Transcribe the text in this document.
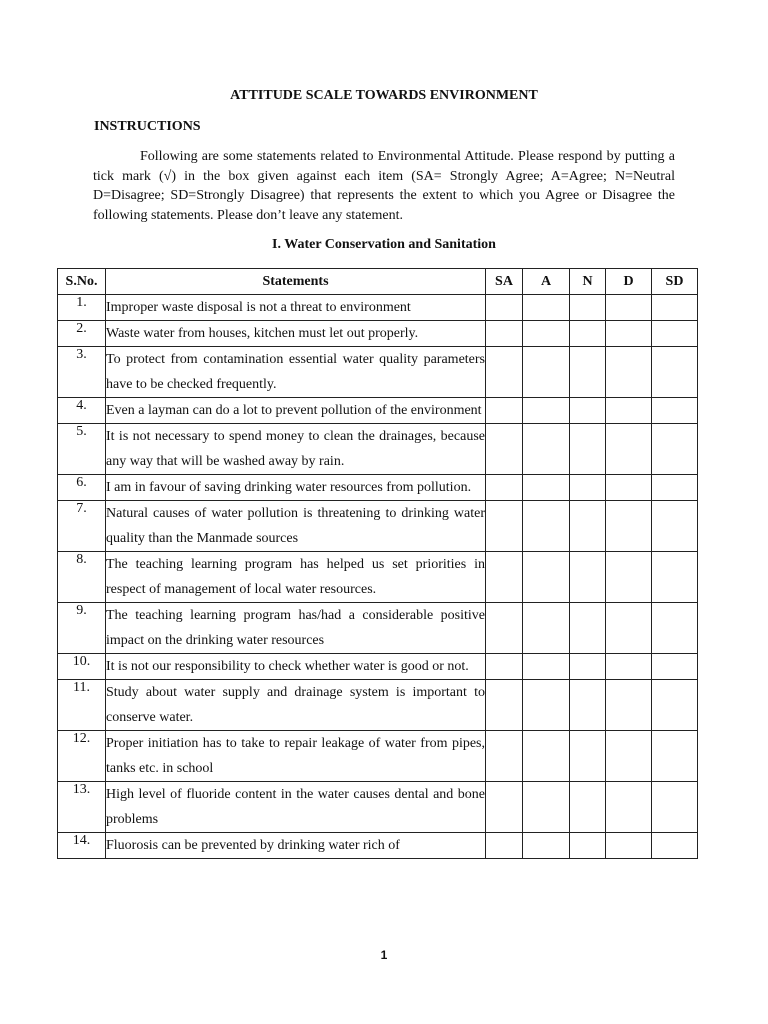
ATTITUDE SCALE TOWARDS ENVIRONMENT
INSTRUCTIONS
Following are some statements related to Environmental Attitude. Please respond by putting a tick mark (√) in the box given against each item (SA= Strongly Agree; A=Agree; N=Neutral D=Disagree; SD=Strongly Disagree) that represents the extent to which you Agree or Disagree the following statements. Please don’t leave any statement.
I. Water Conservation and Sanitation
S.No.	Statements	SA	A	N	D	SD
1.	Improper waste disposal is not a threat to environment					
2.	Waste water from houses, kitchen must let out properly.					
3.	To protect from contamination essential water quality parameters have to be checked frequently.					
4.	Even a layman can do a lot to prevent pollution of the environment					
5.	It is not necessary to spend money to clean the drainages, because any way that will be washed away by rain.					
6.	I am in favour of saving drinking water resources from pollution.					
7.	Natural causes of water pollution is threatening to drinking water quality than the Manmade sources					
8.	The teaching learning program has helped us set priorities in respect of management of local water resources.					
9.	The teaching learning program has/had a considerable positive impact on the drinking water resources					
10.	It is not our responsibility to check whether water is good or not.					
11.	Study about water supply and drainage system is important to conserve water.					
12.	Proper initiation has to take to repair leakage of water from pipes, tanks etc. in school					
13.	High level of fluoride content in the water causes dental and bone problems					
14.	Fluorosis can be prevented by drinking water rich of					
1
